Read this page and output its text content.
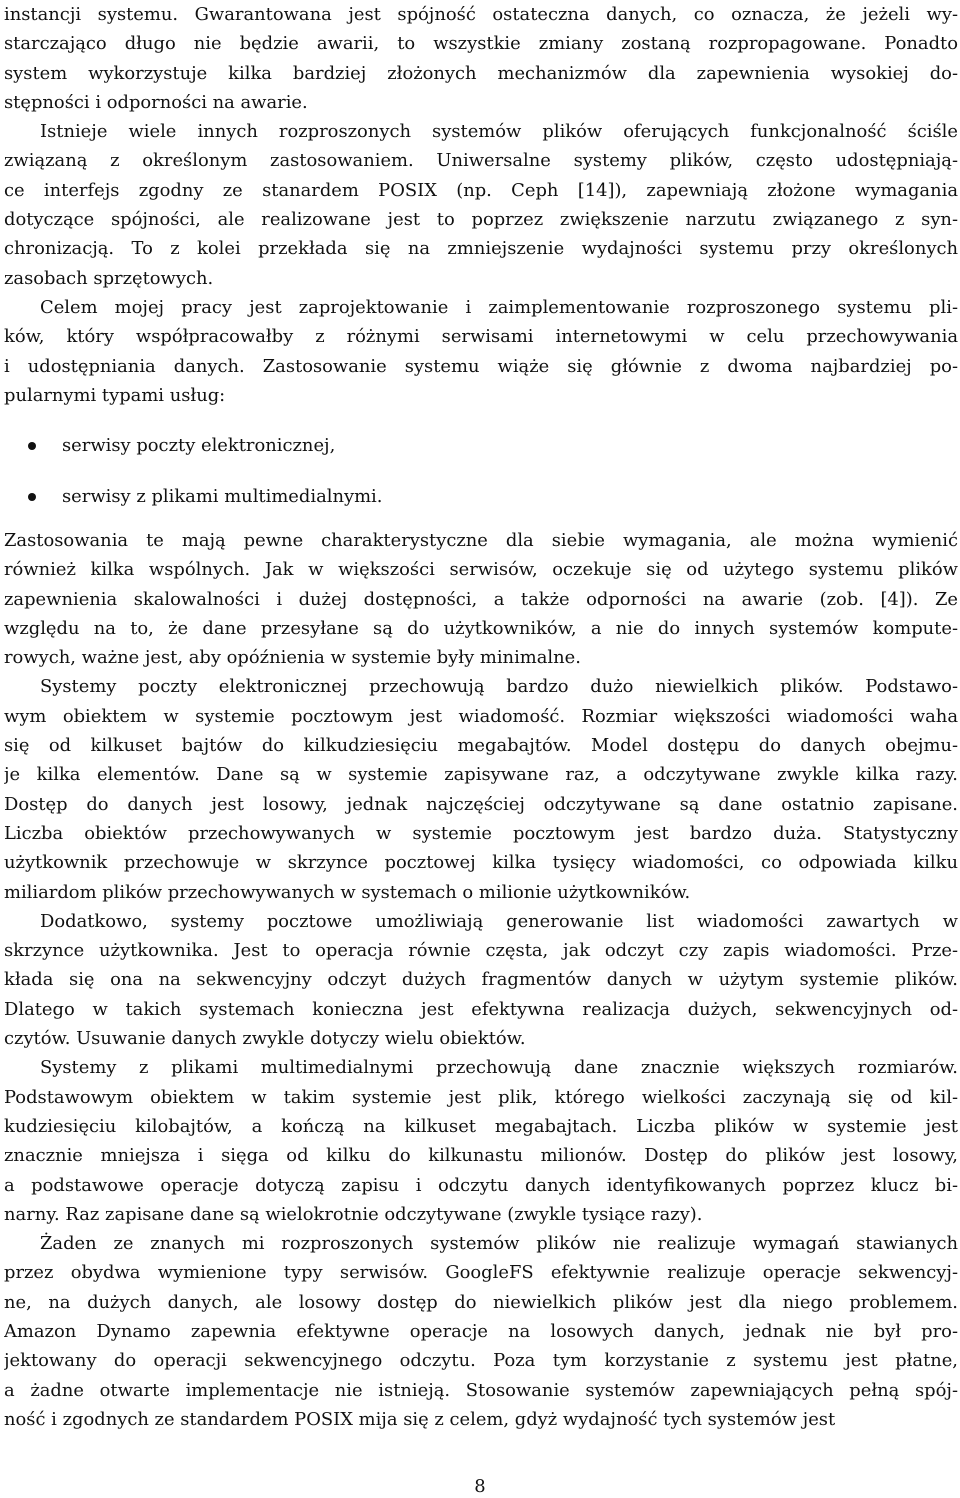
instancji systemu. Gwarantowana jest spójność ostateczna danych, co oznacza, że jeżeli wy-
starczająco długo nie będzie awarii, to wszystkie zmiany zostaną rozpropagowane. Ponadto
system wykorzystuje kilka bardziej złożonych mechanizmów dla zapewnienia wysokiej do-
stępności i odporności na awarie.
Istnieje wiele innych rozproszonych systemów plików oferujących funkcjonalność ściśle
związaną z określonym zastosowaniem. Uniwersalne systemy plików, często udostępniają-
ce interfejs zgodny ze stanardem POSIX (np. Ceph [14]), zapewniają złożone wymagania
dotyczące spójności, ale realizowane jest to poprzez zwiększenie narzutu związanego z syn-
chronizacją. To z kolei przekłada się na zmniejszenie wydajności systemu przy określonych
zasobach sprzętowych.
Celem mojej pracy jest zaprojektowanie i zaimplementowanie rozproszonego systemu pli-
ków, który współpracowałby z różnymi serwisami internetowymi w celu przechowywania
i udostępniania danych. Zastosowanie systemu wiąże się głównie z dwoma najbardziej po-
pularnymi typami usług:
serwisy poczty elektronicznej,
serwisy z plikami multimedialnymi.
Zastosowania te mają pewne charakterystyczne dla siebie wymagania, ale można wymienić
również kilka wspólnych. Jak w większości serwisów, oczekuje się od użytego systemu plików
zapewnienia skalowalności i dużej dostępności, a także odporności na awarie (zob. [4]). Ze
względu na to, że dane przesyłane są do użytkowników, a nie do innych systemów kompute-
rowych, ważne jest, aby opóźnienia w systemie były minimalne.
Systemy poczty elektronicznej przechowują bardzo dużo niewielkich plików. Podstawo-
wym obiektem w systemie pocztowym jest wiadomość. Rozmiar większości wiadomości waha
się od kilkuset bajtów do kilkudziesięciu megabajtów. Model dostępu do danych obejmu-
je kilka elementów. Dane są w systemie zapisywane raz, a odczytywane zwykle kilka razy.
Dostęp do danych jest losowy, jednak najczęściej odczytywane są dane ostatnio zapisane.
Liczba obiektów przechowywanych w systemie pocztowym jest bardzo duża. Statystyczny
użytkownik przechowuje w skrzynce pocztowej kilka tysięcy wiadomości, co odpowiada kilku
miliardom plików przechowywanych w systemach o milionie użytkowników.
Dodatkowo, systemy pocztowe umożliwiają generowanie list wiadomości zawartych w
skrzynce użytkownika. Jest to operacja równie częsta, jak odczyt czy zapis wiadomości. Prze-
kłada się ona na sekwencyjny odczyt dużych fragmentów danych w użytym systemie plików.
Dlatego w takich systemach konieczna jest efektywna realizacja dużych, sekwencyjnych od-
czytów. Usuwanie danych zwykle dotyczy wielu obiektów.
Systemy z plikami multimedialnymi przechowują dane znacznie większych rozmiarów.
Podstawowym obiektem w takim systemie jest plik, którego wielkości zaczynają się od kil-
kudziesięciu kilobajtów, a kończą na kilkuset megabajtach. Liczba plików w systemie jest
znacznie mniejsza i sięga od kilku do kilkunastu milionów. Dostęp do plików jest losowy,
a podstawowe operacje dotyczą zapisu i odczytu danych identyfikowanych poprzez klucz bi-
narny. Raz zapisane dane są wielokrotnie odczytywane (zwykle tysiące razy).
Żaden ze znanych mi rozproszonych systemów plików nie realizuje wymagań stawianych
przez obydwa wymienione typy serwisów. GoogleFS efektywnie realizuje operacje sekwencyj-
ne, na dużych danych, ale losowy dostęp do niewielkich plików jest dla niego problemem.
Amazon Dynamo zapewnia efektywne operacje na losowych danych, jednak nie był pro-
jektowany do operacji sekwencyjnego odczytu. Poza tym korzystanie z systemu jest płatne,
a żadne otwarte implementacje nie istnieją. Stosowanie systemów zapewniających pełną spój-
ność i zgodnych ze standardem POSIX mija się z celem, gdyż wydajność tych systemów jest
8
